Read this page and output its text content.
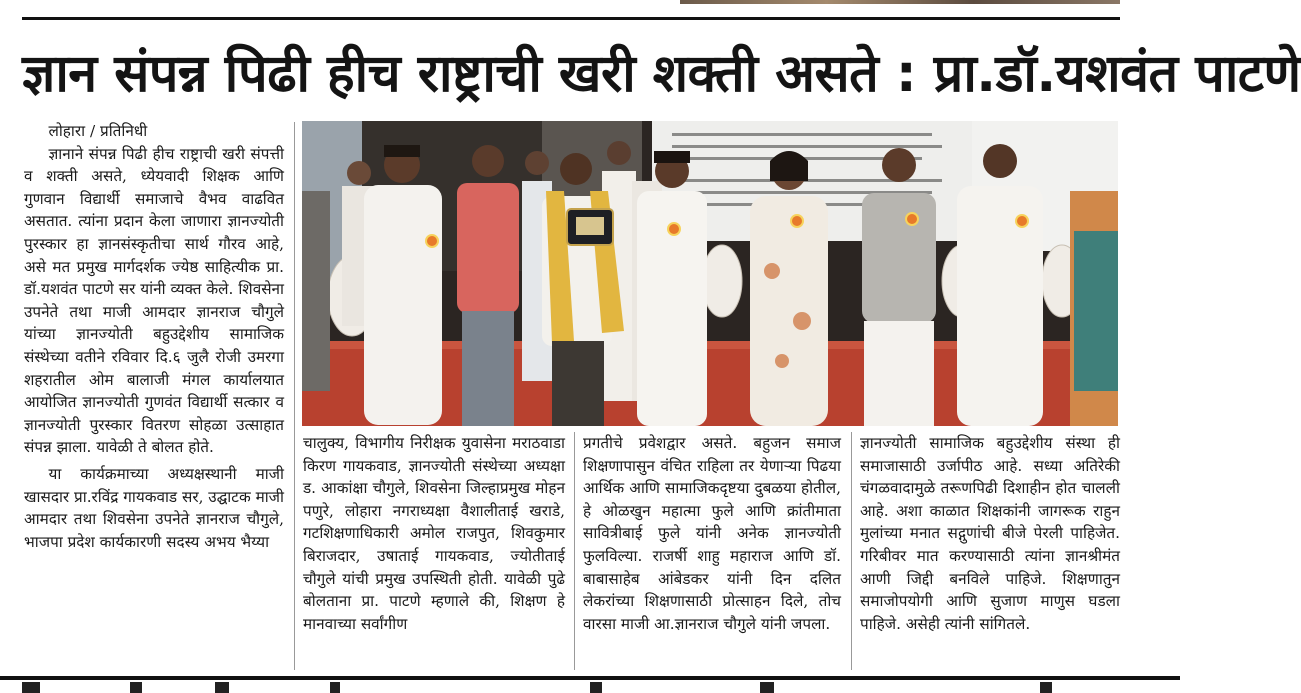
ज्ञान संपन्न पिढी हीच राष्ट्राची खरी शक्ती असते : प्रा.डॉ.यशवंत पाटणे

लोहारा / प्रतिनिधी

ज्ञानाने संपन्न पिढी हीच राष्ट्राची खरी संपत्ती व शक्ती असते, ध्येयवादी शिक्षक आणि गुणवान विद्यार्थी समाजाचे वैभव वाढवित असतात. त्यांना प्रदान केला जाणारा ज्ञानज्योती पुरस्कार हा ज्ञानसंस्कृतीचा सार्थ गौरव आहे, असे मत प्रमुख मार्गदर्शक ज्येष्ठ साहित्यीक प्रा. डॉ.यशवंत पाटणे सर यांनी व्यक्त केले. शिवसेना उपनेते तथा माजी आमदार ज्ञानराज चौगुले यांच्या ज्ञानज्योती बहुउद्देशीय सामाजिक संस्थेच्या वतीने रविवार दि.६ जुलै रोजी उमरगा शहरातील ओम बालाजी मंगल कार्यालयात आयोजित ज्ञानज्योती गुणवंत विद्यार्थी सत्कार व ज्ञानज्योती पुरस्कार वितरण सोहळा उत्साहात संपन्न झाला. यावेळी ते बोलत होते.

या कार्यक्रमाच्या अध्यक्षस्थानी माजी खासदार प्रा.रविंद्र गायकवाड सर, उद्घाटक माजी आमदार तथा शिवसेना उपनेते ज्ञानराज चौगुले, भाजपा प्रदेश कार्यकारणी सदस्य अभय भैय्या

चालुक्य, विभागीय निरीक्षक युवासेना मराठवाडा किरण गायकवाड, ज्ञानज्योती संस्थेच्या अध्यक्षा ड. आकांक्षा चौगुले, शिवसेना जिल्हाप्रमुख मोहन पणुरे, लोहारा नगराध्यक्षा वैशालीताई खराडे, गटशिक्षणाधिकारी अमोल राजपुत, शिवकुमार बिराजदार, उषाताई गायकवाड, ज्योतीताई चौगुले यांची प्रमुख उपस्थिती होती. यावेळी पुढे बोलताना प्रा. पाटणे म्हणाले की, शिक्षण हे मानवाच्या सर्वांगीण

प्रगतीचे प्रवेशद्वार असते. बहुजन समाज शिक्षणापासुन वंचित राहिला तर येणाऱ्या पिढया आर्थिक आणि सामाजिकदृष्टया दुबळया होतील, हे ओळखुन महात्मा फुले आणि क्रांतीमाता सावित्रीबाई फुले यांनी अनेक ज्ञानज्योती फुलविल्या. राजर्षी शाहु महाराज आणि डॉ. बाबासाहेब आंबेडकर यांनी दिन दलित लेकरांच्या शिक्षणासाठी प्रोत्साहन दिले, तोच वारसा माजी आ.ज्ञानराज चौगुले यांनी जपला.

ज्ञानज्योती सामाजिक बहुउद्देशीय संस्था ही समाजासाठी उर्जापीठ आहे. सध्या अतिरेकी चंगळवादामुळे तरूणपिढी दिशाहीन होत चालली आहे. अशा काळात शिक्षकांनी जागरूक राहुन मुलांच्या मनात सद्गुणांची बीजे पेरली पाहिजेत. गरिबीवर मात करण्यासाठी त्यांना ज्ञानश्रीमंत आणी जिद्दी बनविले पाहिजे. शिक्षणातुन समाजोपयोगी आणि सुजाण माणुस घडला पाहिजे. असेही त्यांनी सांगितले.
